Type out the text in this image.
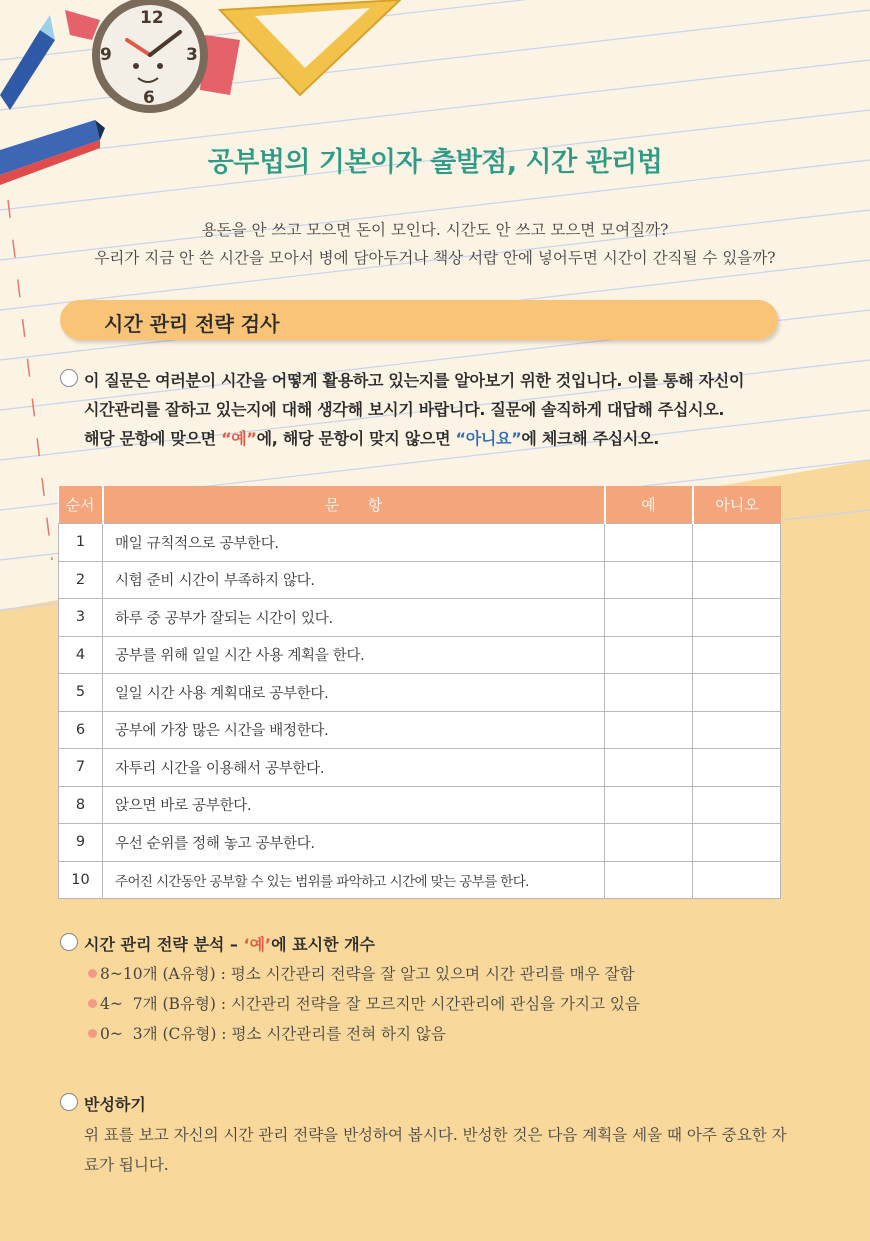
12
3
6
9
공부법의 기본이자 출발점, 시간 관리법
용돈을 안 쓰고 모으면 돈이 모인다. 시간도 안 쓰고 모으면 모여질까?
우리가 지금 안 쓴 시간을 모아서 병에 담아두거나 책상 서랍 안에 넣어두면 시간이 간직될 수 있을까?
시간 관리 전략 검사
이 질문은 여러분이 시간을 어떻게 활용하고 있는지를 알아보기 위한 것입니다. 이를 통해 자신이
시간관리를 잘하고 있는지에 대해 생각해 보시기 바랍니다. 질문에 솔직하게 대답해 주십시오.
해당 문항에 맞으면 “예”에, 해당 문항이 맞지 않으면 “아니요”에 체크해 주십시오.
순서	문      항	예	아니오
1	매일 규칙적으로 공부한다.		
2	시험 준비 시간이 부족하지 않다.		
3	하루 중 공부가 잘되는 시간이 있다.		
4	공부를 위해 일일 시간 사용 계획을 한다.		
5	일일 시간 사용 계획대로 공부한다.		
6	공부에 가장 많은 시간을 배정한다.		
7	자투리 시간을 이용해서 공부한다.		
8	앉으면 바로 공부한다.		
9	우선 순위를 정해 놓고 공부한다.		
10	주어진 시간동안 공부할 수 있는 범위를 파악하고 시간에 맞는 공부를 한다.		
시간 관리 전략 분석 – ‘예’에 표시한 개수
8~10개 (A유형) : 평소 시간관리 전략을 잘 알고 있으며 시간 관리를 매우 잘함
4~  7개 (B유형) : 시간관리 전략을 잘 모르지만 시간관리에 관심을 가지고 있음
0~  3개 (C유형) : 평소 시간관리를 전혀 하지 않음
반성하기
위 표를 보고 자신의 시간 관리 전략을 반성하여 봅시다. 반성한 것은 다음 계획을 세울 때 아주 중요한 자료가 됩니다.
